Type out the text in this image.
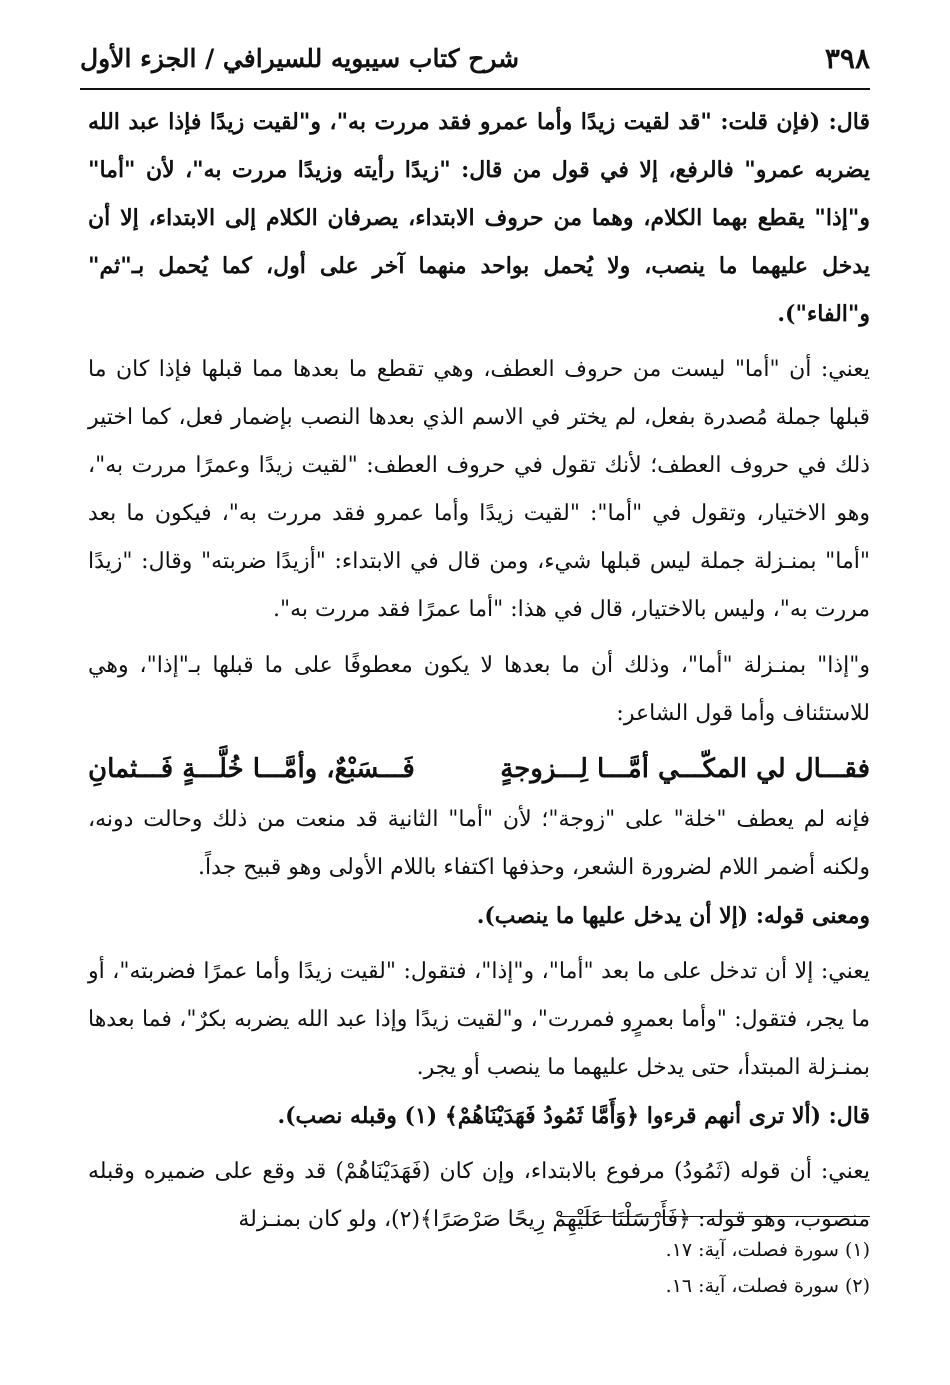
٣٩٨
شرح كتاب سيبويه للسيرافي / الجزء الأول

قال: (فإن قلت: "قد لقيت زيدًا وأما عمرو فقد مررت به"، و"لقيت زيدًا فإذا عبد الله يضربه عمرو" فالرفع، إلا في قول من قال: "زيدًا رأيته وزيدًا مررت به"، لأن "أما" و"إذا" يقطع بهما الكلام، وهما من حروف الابتداء، يصرفان الكلام إلى الابتداء، إلا أن يدخل عليهما ما ينصب، ولا يُحمل بواحد منهما آخر على أول، كما يُحمل بـ"ثم" و"الفاء").

يعني: أن "أما" ليست من حروف العطف، وهي تقطع ما بعدها مما قبلها فإذا كان ما قبلها جملة مُصدرة بفعل، لم يختر في الاسم الذي بعدها النصب بإضمار فعل، كما اختير ذلك في حروف العطف؛ لأنك تقول في حروف العطف: "لقيت زيدًا وعمرًا مررت به"، وهو الاختيار، وتقول في "أما": "لقيت زيدًا وأما عمرو فقد مررت به"، فيكون ما بعد "أما" بمنـزلة جملة ليس قبلها شيء، ومن قال في الابتداء: "أزيدًا ضربته" وقال: "زيدًا مررت به"، وليس بالاختيار، قال في هذا: "أما عمرًا فقد مررت به".

و"إذا" بمنـزلة "أما"، وذلك أن ما بعدها لا يكون معطوفًا على ما قبلها بـ"إذا"، وهي للاستئناف وأما قول الشاعر:

فقـــال لي المكّـــي أمَّـــا لِـــزوجةٍ
فَـــسَبْعٌ، وأمَّـــا خُلَّـــةٍ فَـــثمانِ

فإنه لم يعطف "خلة" على "زوجة"؛ لأن "أما" الثانية قد منعت من ذلك وحالت دونه، ولكنه أضمر اللام لضرورة الشعر، وحذفها اكتفاء باللام الأولى وهو قبيح جداً.

ومعنى قوله: (إلا أن يدخل عليها ما ينصب).

يعني: إلا أن تدخل على ما بعد "أما"، و"إذا"، فتقول: "لقيت زيدًا وأما عمرًا فضربته"، أو ما يجر، فتقول: "وأما بعمرٍو فمررت"، و"لقيت زيدًا وإذا عبد الله يضربه بكرٌ"، فما بعدها بمنـزلة المبتدأ، حتى يدخل عليهما ما ينصب أو يجر.

قال: (ألا ترى أنهم قرءوا ﴿وَأَمَّا ثَمُودُ فَهَدَيْنَاهُمْ﴾ (١) وقبله نصب).

يعني: أن قوله (ثَمُودُ) مرفوع بالابتداء، وإن كان (فَهَدَيْنَاهُمْ) قد وقع على ضميره وقبله منصوب، وهو قوله: ﴿فَأَرْسَلْنَا عَلَيْهِمْ رِيحًا صَرْصَرًا﴾(٢)، ولو كان بمنـزلة

(١) سورة فصلت، آية: ١٧.

(٢) سورة فصلت، آية: ١٦.
